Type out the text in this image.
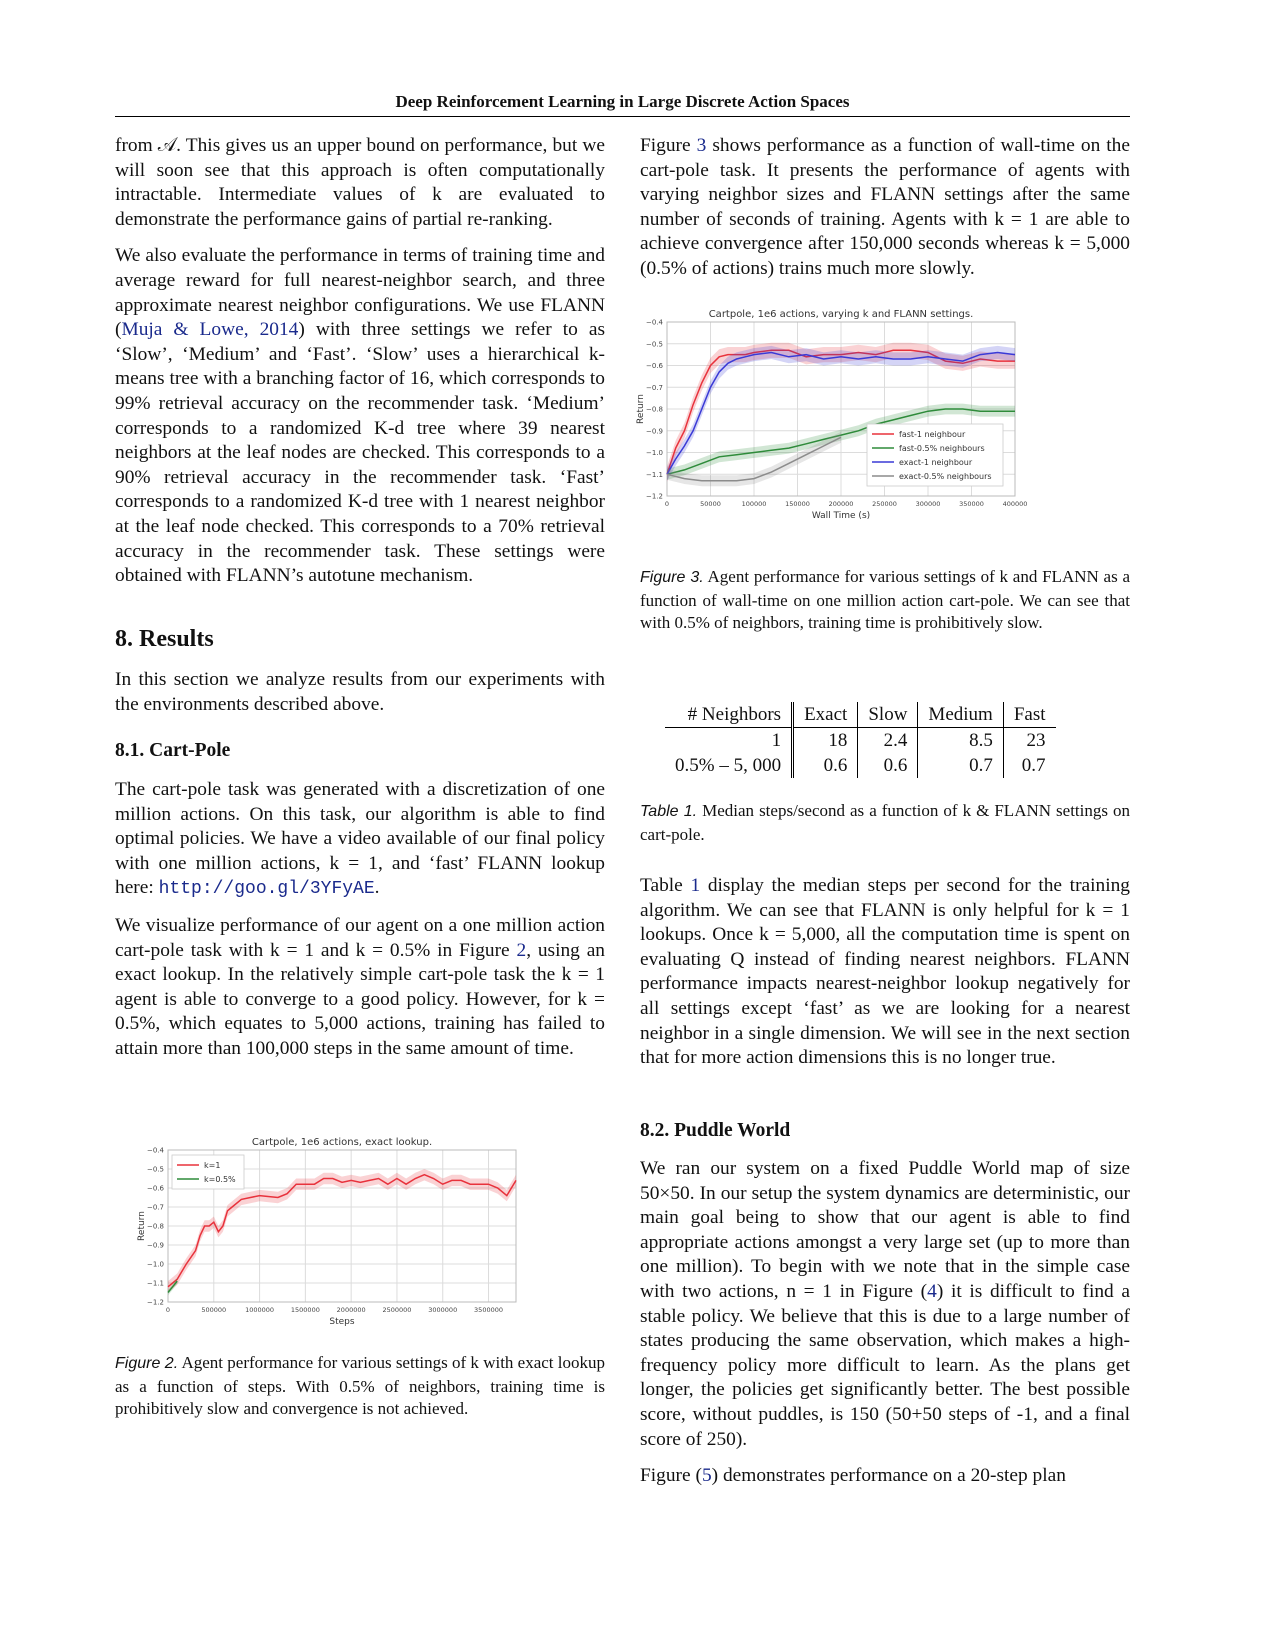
Deep Reinforcement Learning in Large Discrete Action Spaces

from 𝒜. This gives us an upper bound on performance, but we will soon see that this approach is often computationally intractable. Intermediate values of k are evaluated to demonstrate the performance gains of partial re-ranking.

We also evaluate the performance in terms of training time and average reward for full nearest-neighbor search, and three approximate nearest neighbor configurations. We use FLANN (Muja & Lowe, 2014) with three settings we refer to as ‘Slow’, ‘Medium’ and ‘Fast’. ‘Slow’ uses a hierarchical k-means tree with a branching factor of 16, which corresponds to 99% retrieval accuracy on the recommender task. ‘Medium’ corresponds to a randomized K-d tree where 39 nearest neighbors at the leaf nodes are checked. This corresponds to a 90% retrieval accuracy in the recommender task. ‘Fast’ corresponds to a randomized K-d tree with 1 nearest neighbor at the leaf node checked. This corresponds to a 70% retrieval accuracy in the recommender task. These settings were obtained with FLANN’s autotune mechanism.

8. Results

In this section we analyze results from our experiments with the environments described above.

8.1. Cart-Pole

The cart-pole task was generated with a discretization of one million actions. On this task, our algorithm is able to find optimal policies. We have a video available of our final policy with one million actions, k = 1, and ‘fast’ FLANN lookup here: http://goo.gl/3YFyAE.

We visualize performance of our agent on a one million action cart-pole task with k = 1 and k = 0.5% in Figure 2, using an exact lookup. In the relatively simple cart-pole task the k = 1 agent is able to converge to a good policy. However, for k = 0.5%, which equates to 5,000 actions, training has failed to attain more than 100,000 steps in the same amount of time.

Cartpole, 1e6 actions, exact lookup.
−0.4
−0.5
−0.6
−0.7
−0.8
−0.9
−1.0
−1.1
−1.2
0	500000	1000000	1500000	2000000	2500000	3000000	3500000
Steps
Return
k=1
k=0.5%
Figure 2. Agent performance for various settings of k with exact lookup as a function of steps. With 0.5% of neighbors, training time is prohibitively slow and convergence is not achieved.

Figure 3 shows performance as a function of wall-time on the cart-pole task. It presents the performance of agents with varying neighbor sizes and FLANN settings after the same number of seconds of training. Agents with k = 1 are able to achieve convergence after 150,000 seconds whereas k = 5,000 (0.5% of actions) trains much more slowly.

Cartpole, 1e6 actions, varying k and FLANN settings.
−0.4
−0.5
−0.6
−0.7
−0.8
−0.9
−1.0
−1.1
−1.2
0	50000	100000	150000	200000	250000	300000	350000	400000
Wall Time (s)
Return
fast-1 neighbour
fast-0.5% neighbours
exact-1 neighbour
exact-0.5% neighbours
Figure 3. Agent performance for various settings of k and FLANN as a function of wall-time on one million action cart-pole. We can see that with 0.5% of neighbors, training time is prohibitively slow.
# Neighbors	Exact	Slow	Medium	Fast
1	18	2.4	8.5	23
0.5% – 5, 000	0.6	0.6	0.7	0.7
Table 1. Median steps/second as a function of k & FLANN settings on cart-pole.

Table 1 display the median steps per second for the training algorithm. We can see that FLANN is only helpful for k = 1 lookups. Once k = 5,000, all the computation time is spent on evaluating Q instead of finding nearest neighbors. FLANN performance impacts nearest-neighbor lookup negatively for all settings except ‘fast’ as we are looking for a nearest neighbor in a single dimension. We will see in the next section that for more action dimensions this is no longer true.

8.2. Puddle World

We ran our system on a fixed Puddle World map of size 50×50. In our setup the system dynamics are deterministic, our main goal being to show that our agent is able to find appropriate actions amongst a very large set (up to more than one million). To begin with we note that in the simple case with two actions, n = 1 in Figure (4) it is difficult to find a stable policy. We believe that this is due to a large number of states producing the same observation, which makes a high-frequency policy more difficult to learn. As the plans get longer, the policies get significantly better. The best possible score, without puddles, is 150 (50+50 steps of -1, and a final score of 250).

Figure (5) demonstrates performance on a 20-step plan
